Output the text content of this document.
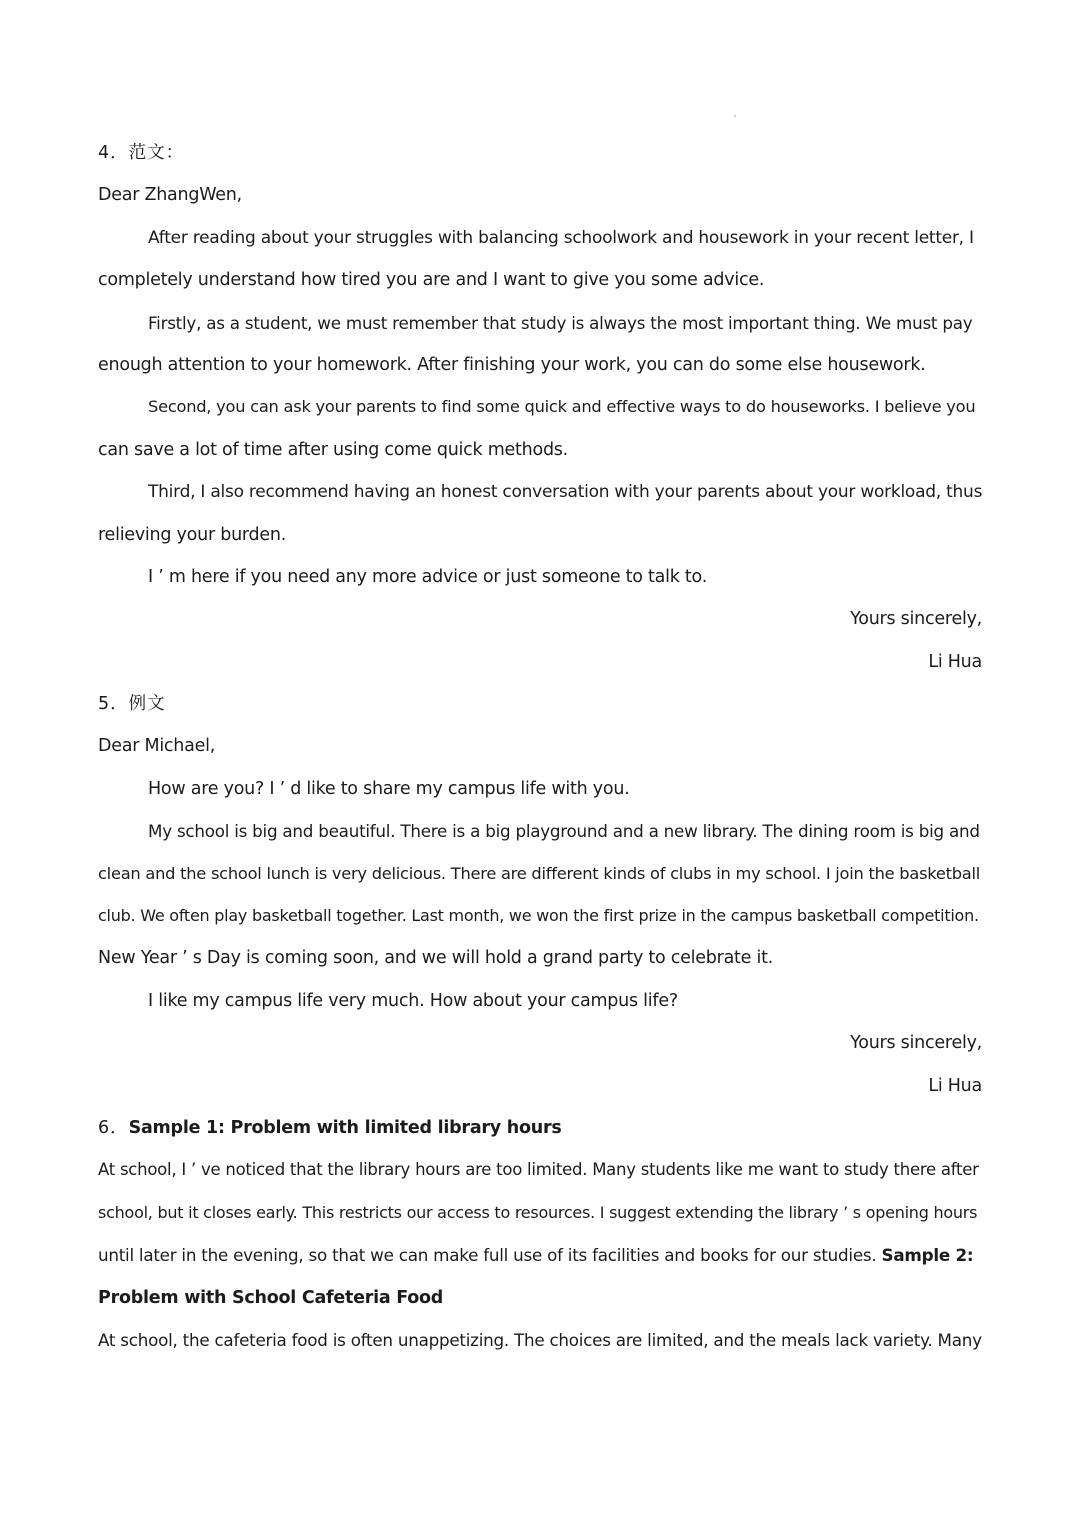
4．范文：
Dear ZhangWen,
After reading about your struggles with balancing schoolwork and housework in your recent letter, I
completely understand how tired you are and I want to give you some advice.
Firstly, as a student, we must remember that study is always the most important thing. We must pay
enough attention to your homework. After finishing your work, you can do some else housework.
Second, you can ask your parents to find some quick and effective ways to do houseworks. I believe you
can save a lot of time after using come quick methods.
Third, I also recommend having an honest conversation with your parents about your workload, thus
relieving your burden.
I ’ m here if you need any more advice or just someone to talk to.
Yours sincerely,
Li Hua
5．例文
Dear Michael,
How are you? I ’ d like to share my campus life with you.
My school is big and beautiful. There is a big playground and a new library. The dining room is big and
clean and the school lunch is very delicious. There are different kinds of clubs in my school. I join the basketball
club. We often play basketball together. Last month, we won the first prize in the campus basketball competition.
New Year ’ s Day is coming soon, and we will hold a grand party to celebrate it.
I like my campus life very much. How about your campus life?
Yours sincerely,
Li Hua
6．Sample 1: Problem with limited library hours
At school, I ’ ve noticed that the library hours are too limited. Many students like me want to study there after
school, but it closes early. This restricts our access to resources. I suggest extending the library ’ s opening hours
until later in the evening, so that we can make full use of its facilities and books for our studies. Sample 2:
Problem with School Cafeteria Food
At school, the cafeteria food is often unappetizing. The choices are limited, and the meals lack variety. Many
